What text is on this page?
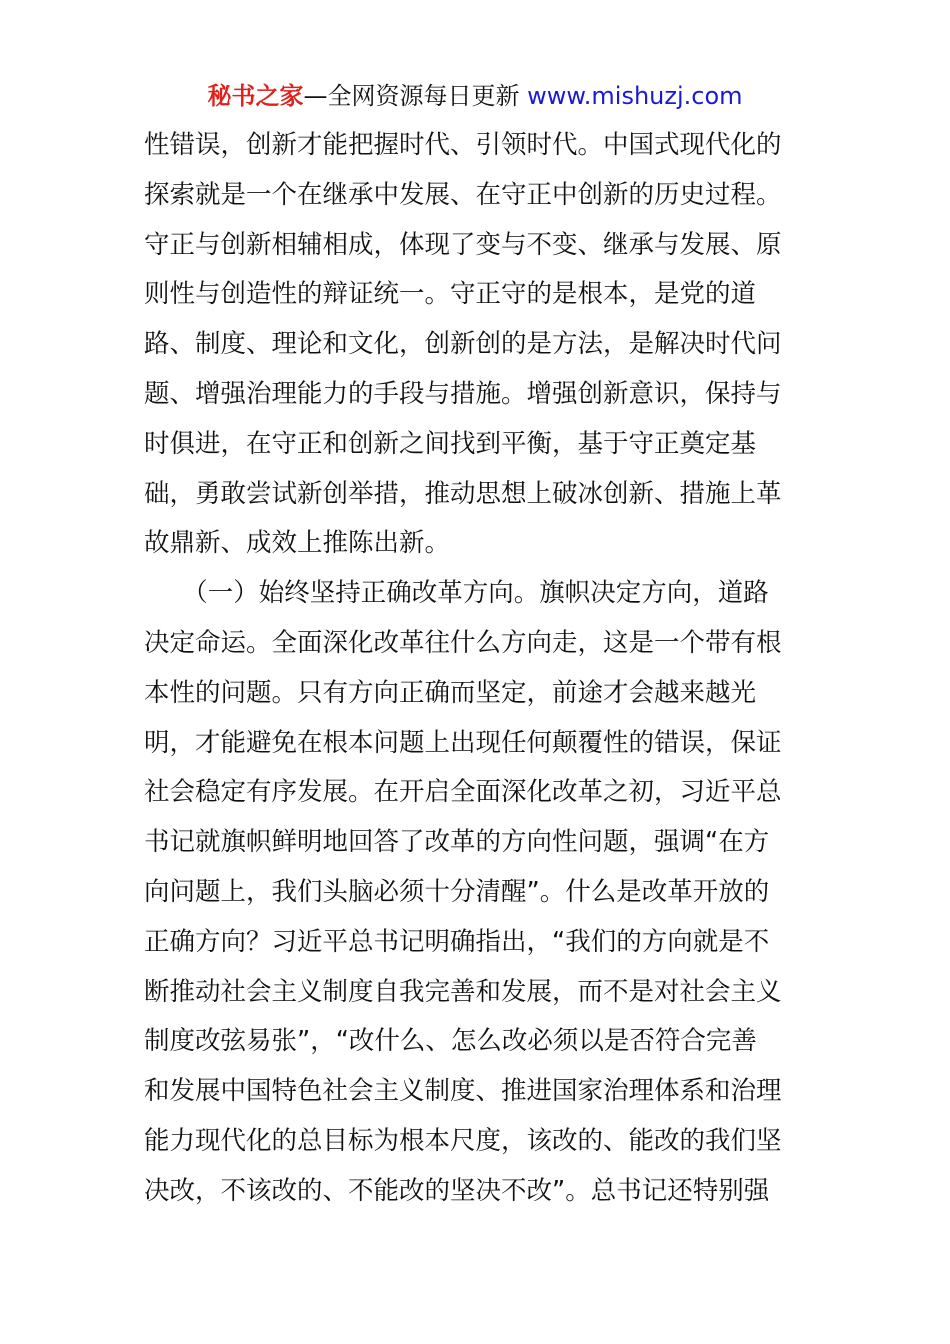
秘书之家—全网资源每日更新 www.mishuzj.com
性错误，创新才能把握时代、引领时代。中国式现代化的
探索就是一个在继承中发展、在守正中创新的历史过程。
守正与创新相辅相成，体现了变与不变、继承与发展、原
则性与创造性的辩证统一。守正守的是根本，是党的道
路、制度、理论和文化，创新创的是方法，是解决时代问
题、增强治理能力的手段与措施。增强创新意识，保持与
时俱进，在守正和创新之间找到平衡，基于守正奠定基
础，勇敢尝试新创举措，推动思想上破冰创新、措施上革
故鼎新、成效上推陈出新。
　　（一）始终坚持正确改革方向。旗帜决定方向，道路
决定命运。全面深化改革往什么方向走，这是一个带有根
本性的问题。只有方向正确而坚定，前途才会越来越光
明，才能避免在根本问题上出现任何颠覆性的错误，保证
社会稳定有序发展。在开启全面深化改革之初，习近平总
书记就旗帜鲜明地回答了改革的方向性问题，强调“在方
向问题上，我们头脑必须十分清醒”。什么是改革开放的
正确方向？习近平总书记明确指出，“我们的方向就是不
断推动社会主义制度自我完善和发展，而不是对社会主义
制度改弦易张”，“改什么、怎么改必须以是否符合完善
和发展中国特色社会主义制度、推进国家治理体系和治理
能力现代化的总目标为根本尺度，该改的、能改的我们坚
决改，不该改的、不能改的坚决不改”。总书记还特别强
